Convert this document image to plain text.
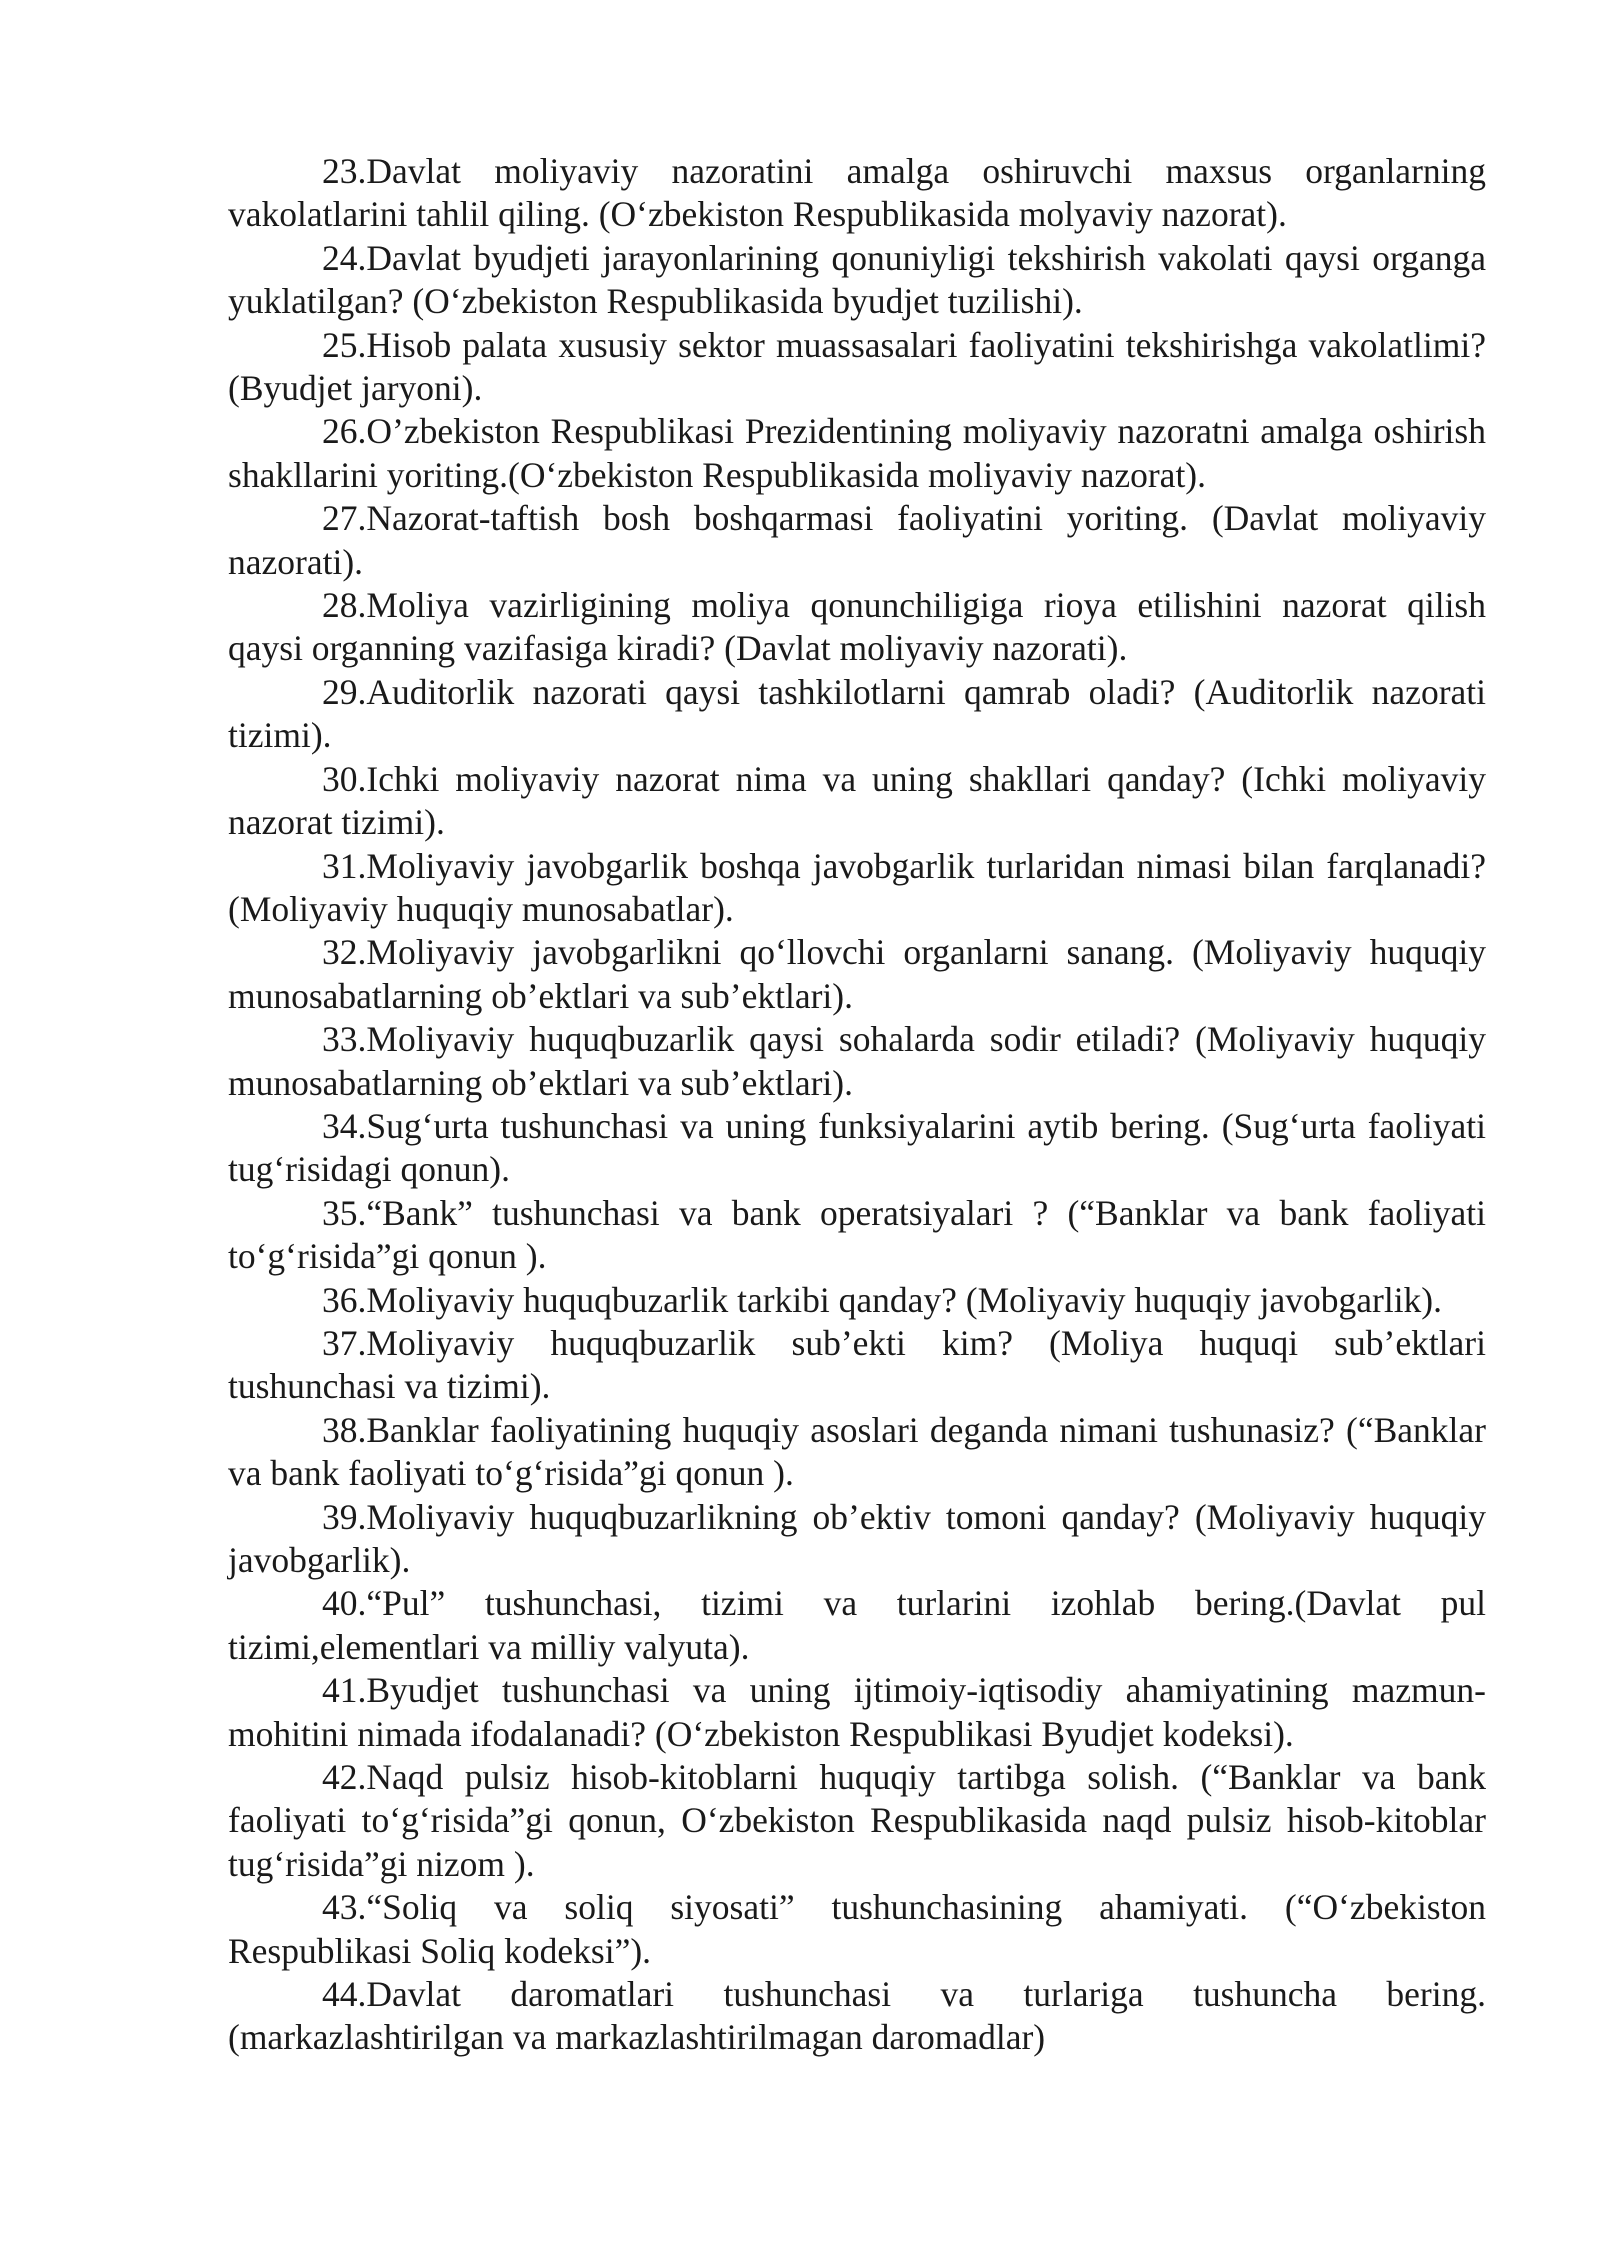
23.Davlat moliyaviy nazoratini amalga oshiruvchi maxsus organlarning vakolatlarini tahlil qiling. (O‘zbekiston Respublikasida molyaviy nazorat).

24.Davlat byudjeti jarayonlarining qonuniyligi tekshirish vakolati qaysi organga yuklatilgan? (O‘zbekiston Respublikasida byudjet tuzilishi).

25.Hisob palata xususiy sektor muassasalari faoliyatini tekshirishga vakolatlimi? (Byudjet jaryoni).

26.O’zbekiston Respublikasi Prezidentining moliyaviy nazoratni amalga oshirish shakllarini yoriting.(O‘zbekiston Respublikasida moliyaviy nazorat).

27.Nazorat-taftish bosh boshqarmasi faoliyatini yoriting. (Davlat moliyaviy nazorati).

28.Moliya vazirligining moliya qonunchiligiga rioya etilishini nazorat qilish qaysi organning vazifasiga kiradi? (Davlat moliyaviy nazorati).

29.Auditorlik nazorati qaysi tashkilotlarni qamrab oladi? (Auditorlik nazorati tizimi).

30.Ichki moliyaviy nazorat nima va uning shakllari qanday? (Ichki moliyaviy nazorat tizimi).

31.Moliyaviy javobgarlik boshqa javobgarlik turlaridan nimasi bilan farqlanadi? (Moliyaviy huquqiy munosabatlar).

32.Moliyaviy javobgarlikni qo‘llovchi organlarni sanang. (Moliyaviy huquqiy munosabatlarning ob’ektlari va sub’ektlari).

33.Moliyaviy huquqbuzarlik qaysi sohalarda sodir etiladi? (Moliyaviy huquqiy munosabatlarning ob’ektlari va sub’ektlari).

34.Sug‘urta tushunchasi va uning funksiyalarini aytib bering. (Sug‘urta faoliyati tug‘risidagi qonun).

35.“Bank” tushunchasi va bank operatsiyalari ? (“Banklar va bank faoliyati to‘g‘risida”gi qonun ).

36.Moliyaviy huquqbuzarlik tarkibi qanday? (Moliyaviy huquqiy javobgarlik).

37.Moliyaviy huquqbuzarlik sub’ekti kim? (Moliya huquqi sub’ektlari tushunchasi va tizimi).

38.Banklar faoliyatining huquqiy asoslari deganda nimani tushunasiz? (“Banklar va bank faoliyati to‘g‘risida”gi qonun ).

39.Moliyaviy huquqbuzarlikning ob’ektiv tomoni qanday? (Moliyaviy huquqiy javobgarlik).

40.“Pul” tushunchasi, tizimi va turlarini izohlab bering.(Davlat pul tizimi,elementlari va milliy valyuta).

41.Byudjet tushunchasi va uning ijtimoiy-iqtisodiy ahamiyatining mazmun-mohitini nimada ifodalanadi? (O‘zbekiston Respublikasi Byudjet kodeksi).

42.Naqd pulsiz hisob-kitoblarni huquqiy tartibga solish. (“Banklar va bank faoliyati to‘g‘risida”gi qonun, O‘zbekiston Respublikasida naqd pulsiz hisob-kitoblar tug‘risida”gi nizom ).

43.“Soliq va soliq siyosati” tushunchasining ahamiyati. (“O‘zbekiston Respublikasi Soliq kodeksi”).

44.Davlat daromatlari tushunchasi va turlariga tushuncha bering. (markazlashtirilgan va markazlashtirilmagan daromadlar)
